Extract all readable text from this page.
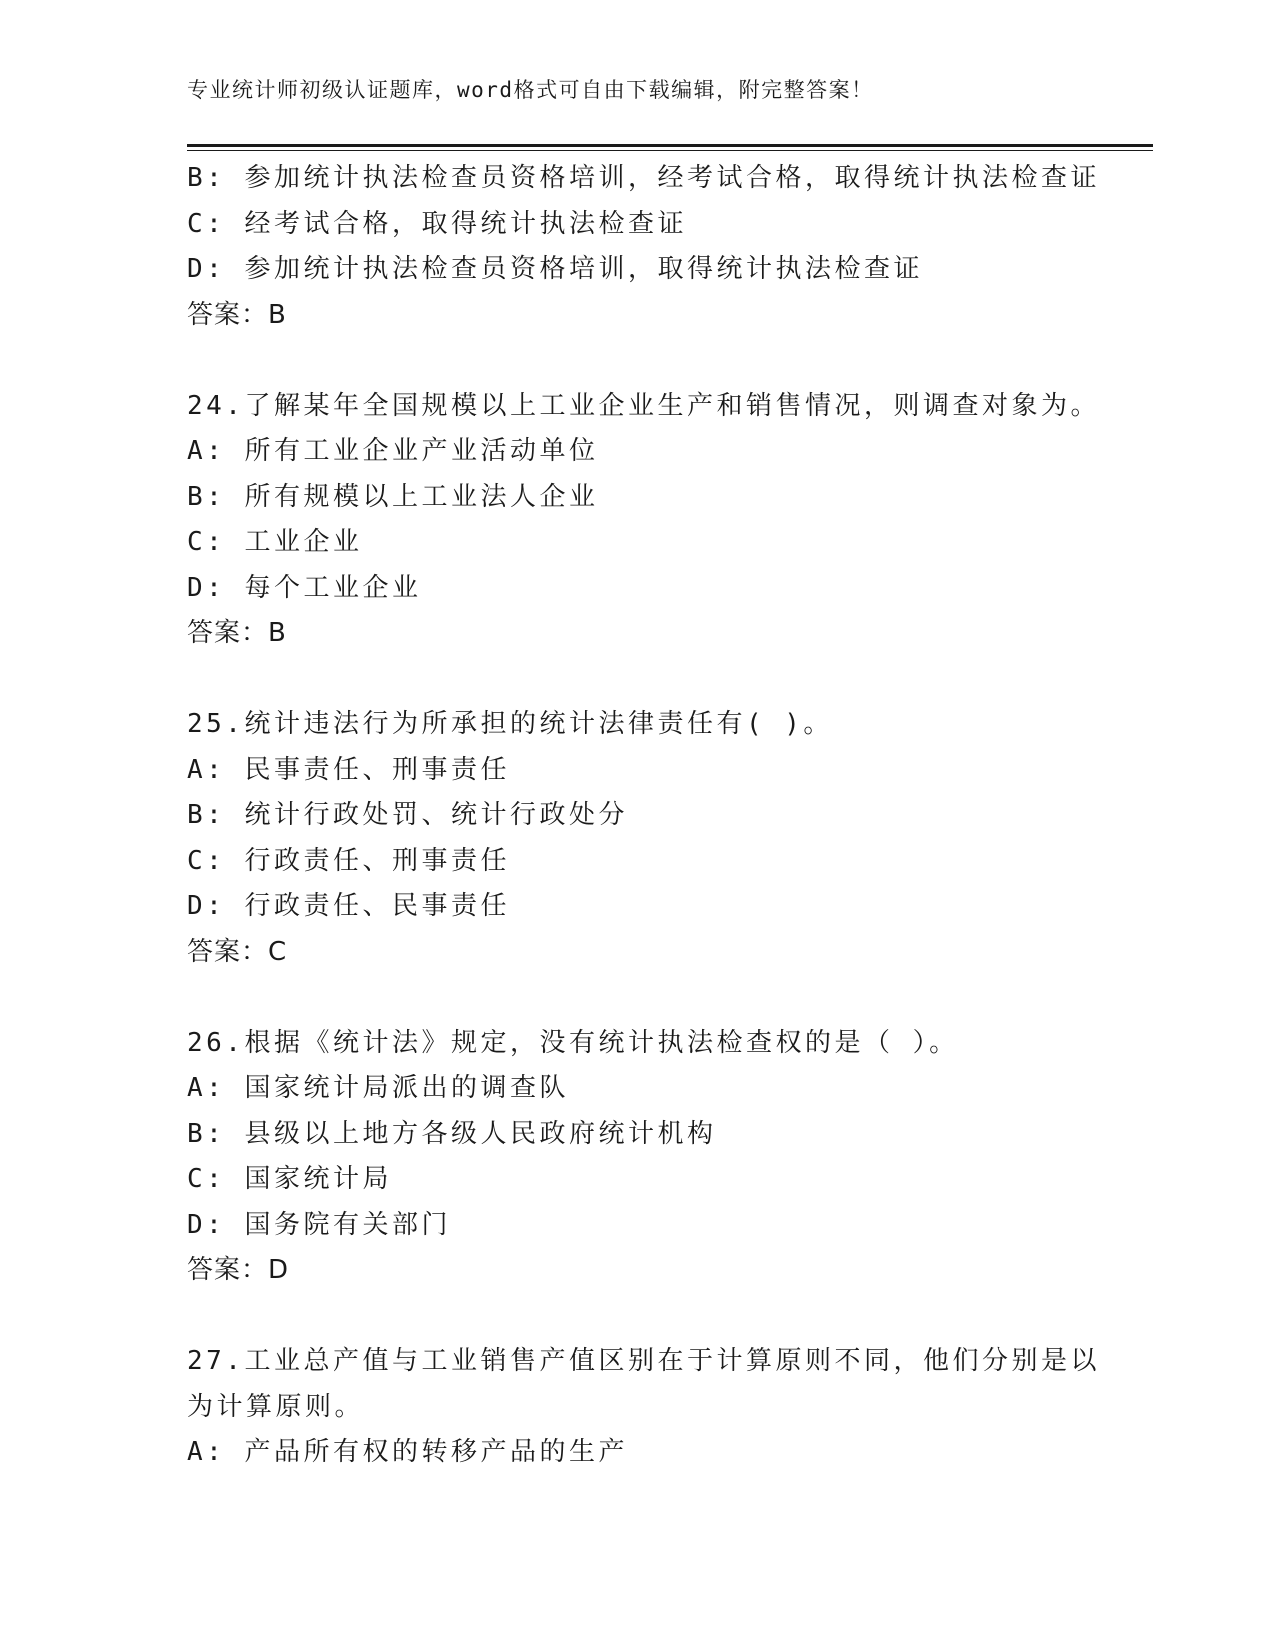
专业统计师初级认证题库，word格式可自由下载编辑，附完整答案！
B: 参加统计执法检查员资格培训，经考试合格，取得统计执法检查证
C: 经考试合格，取得统计执法检查证
D: 参加统计执法检查员资格培训，取得统计执法检查证
答案：B
24.了解某年全国规模以上工业企业生产和销售情况，则调查对象为。
A: 所有工业企业产业活动单位
B: 所有规模以上工业法人企业
C: 工业企业
D: 每个工业企业
答案：B
25.统计违法行为所承担的统计法律责任有( )。
A: 民事责任、刑事责任
B: 统计行政处罚、统计行政处分
C: 行政责任、刑事责任
D: 行政责任、民事责任
答案：C
26.根据《统计法》规定，没有统计执法检查权的是（ ）。
A: 国家统计局派出的调查队
B: 县级以上地方各级人民政府统计机构
C: 国家统计局
D: 国务院有关部门
答案：D
27.工业总产值与工业销售产值区别在于计算原则不同，他们分别是以
为计算原则。
A: 产品所有权的转移产品的生产
